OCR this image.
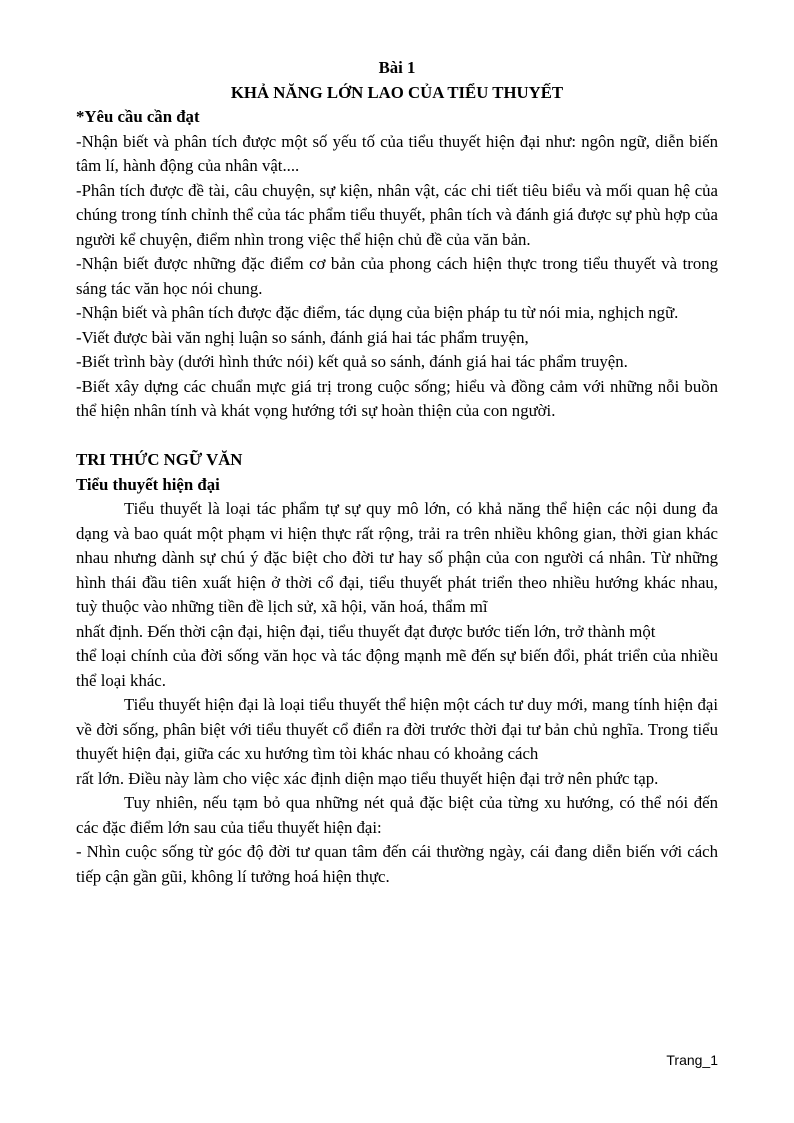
Bài 1
KHẢ NĂNG LỚN LAO CỦA TIỂU THUYẾT
*Yêu cầu cần đạt

-Nhận biết và phân tích được một số yếu tố của tiểu thuyết hiện đại như: ngôn ngữ, diễn biến tâm lí, hành động của nhân vật....

-Phân tích được đề tài, câu chuyện, sự kiện, nhân vật, các chi tiết tiêu biểu và mối quan hệ của chúng trong tính chỉnh thể của tác phẩm tiểu thuyết, phân tích và đánh giá được sự phù hợp của người kể chuyện, điểm nhìn trong việc thể hiện chủ đề của văn bản.

-Nhận biết được những đặc điểm cơ bản của phong cách hiện thực trong tiểu thuyết và trong sáng tác văn học nói chung.

-Nhận biết và phân tích được đặc điểm, tác dụng của biện pháp tu từ nói mia, nghịch ngữ.

-Viết được bài văn nghị luận so sánh, đánh giá hai tác phẩm truyện,

-Biết trình bày (dưới hình thức nói) kết quả so sánh, đánh giá hai tác phẩm truyện.

-Biết xây dựng các chuẩn mực giá trị trong cuộc sống; hiểu và đồng cảm với những nỗi buồn thể hiện nhân tính và khát vọng hướng tới sự hoàn thiện của con người.

TRI THỨC NGỮ VĂN
Tiểu thuyết hiện đại

Tiểu thuyết là loại tác phẩm tự sự quy mô lớn, có khả năng thể hiện các nội dung đa dạng và bao quát một phạm vi hiện thực rất rộng, trải ra trên nhiều không gian, thời gian khác nhau nhưng dành sự chú ý đặc biệt cho đời tư hay số phận của con người cá nhân. Từ những hình thái đầu tiên xuất hiện ở thời cổ đại, tiểu thuyết phát triển theo nhiều hướng khác nhau, tuỳ thuộc vào những tiền đề lịch sử, xã hội, văn hoá, thẩm mĩ

nhất định. Đến thời cận đại, hiện đại, tiểu thuyết đạt được bước tiến lớn, trở thành một

thể loại chính của đời sống văn học và tác động mạnh mẽ đến sự biến đổi, phát triển của nhiều thể loại khác.

Tiểu thuyết hiện đại là loại tiểu thuyết thể hiện một cách tư duy mới, mang tính hiện đại về đời sống, phân biệt với tiểu thuyết cổ điển ra đời trước thời đại tư bản chủ nghĩa. Trong tiểu thuyết hiện đại, giữa các xu hướng tìm tòi khác nhau có khoảng cách

rất lớn. Điều này làm cho việc xác định diện mạo tiểu thuyết hiện đại trở nên phức tạp.

Tuy nhiên, nếu tạm bỏ qua những nét quả đặc biệt của từng xu hướng, có thể nói đến các đặc điểm lớn sau của tiểu thuyết hiện đại:

- Nhìn cuộc sống từ góc độ đời tư quan tâm đến cái thường ngày, cái đang diễn biến với cách tiếp cận gần gũi, không lí tưởng hoá hiện thực.

Trang_1
